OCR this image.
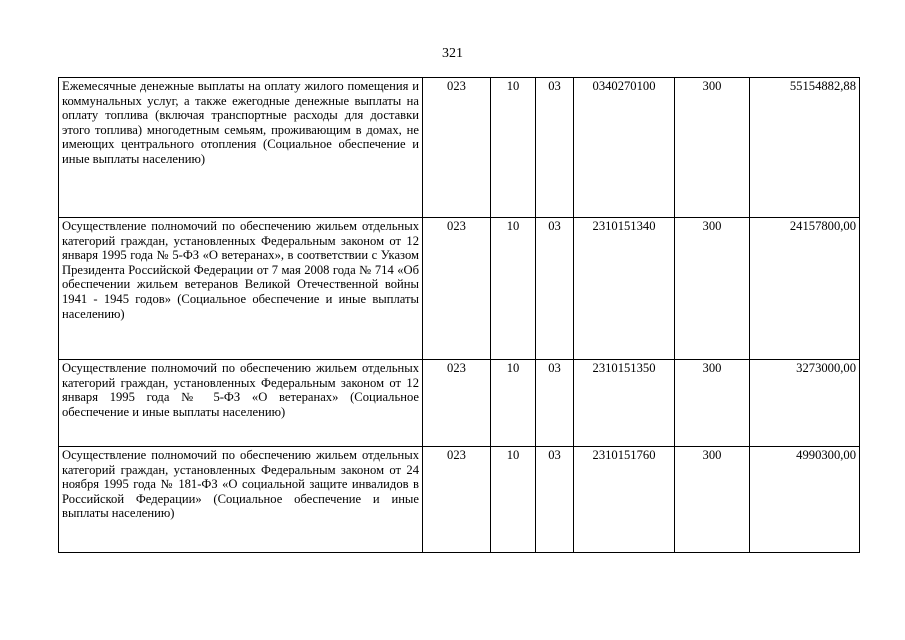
321
Ежемесячные денежные выплаты на оплату жилого помещения и коммунальных услуг, а также ежегодные денежные выплаты на оплату топлива (включая транспортные расходы для доставки этого топлива) многодетным семьям, проживающим в домах, не имеющих центрального отопления (Социальное обеспечение и иные выплаты населению)	023	10	03	0340270100	300	55154882,88
Осуществление полномочий по обеспечению жильем отдельных категорий граждан, установленных Федеральным законом от 12 января 1995 года № 5-ФЗ «О ветеранах», в соответствии с Указом Президента Российской Федерации от 7 мая 2008 года № 714 «Об обеспечении жильем ветеранов Великой Отечественной войны 1941 - 1945 годов» (Социальное обеспечение и иные выплаты населению)	023	10	03	2310151340	300	24157800,00
Осуществление полномочий по обеспечению жильем отдельных категорий граждан, установленных Федеральным законом от 12 января 1995 года № 5-ФЗ «О ветеранах» (Социальное обеспечение и иные выплаты населению)	023	10	03	2310151350	300	3273000,00
Осуществление полномочий по обеспечению жильем отдельных категорий граждан, установленных Федеральным законом от 24 ноября 1995 года № 181-ФЗ «О социальной защите инвалидов в Российской Федерации» (Социальное обеспечение и иные выплаты населению)	023	10	03	2310151760	300	4990300,00
